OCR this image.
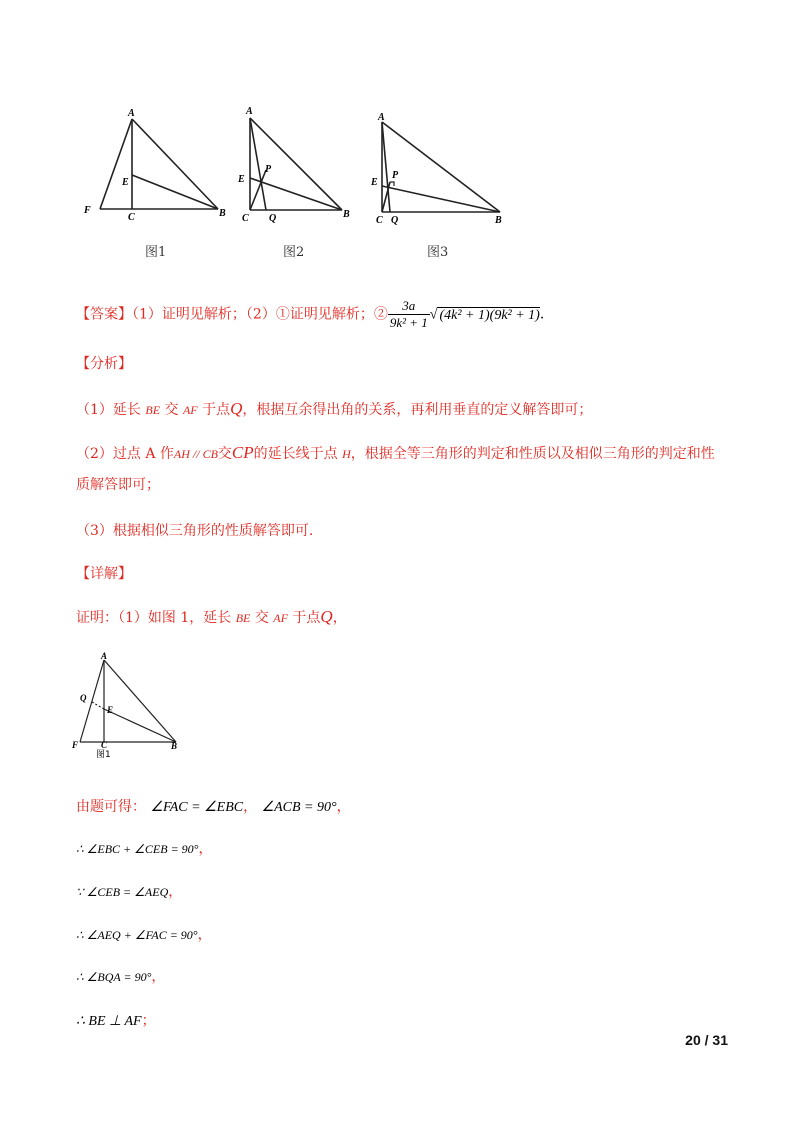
A
E
F
C	B
图1
A
P
E
C Q	B
图2
A
P
E
C Q	B
图3
【答案】（1）证明见解析；（2）①证明见解析；② $\frac{3a}{\text{9k² + 1}}$ √ (4k² + 1)(9k² + 1).
【分析】
（1）延长 BE 交 AF 于点Q，根据互余得出角的关系，再利用垂直的定义解答即可；
（2）过点 A 作AH // CB交CP的延长线于点 H，根据全等三角形的判定和性质以及相似三角形的判定和性
质解答即可；
（3）根据相似三角形的性质解答即可.
【详解】
证明：（1）如图 1，延长 BE 交 AF 于点Q，
A
Q
E
F	C	B
图1
由题可得： ∠FAC = ∠EBC， ∠ACB = 90°，
∴ ∠EBC + ∠CEB = 90°，
∵ ∠CEB = ∠AEQ，
∴ ∠AEQ + ∠FAC = 90°，
∴ ∠BQA = 90°，
∴ BE ⊥ AF；
20 / 31
